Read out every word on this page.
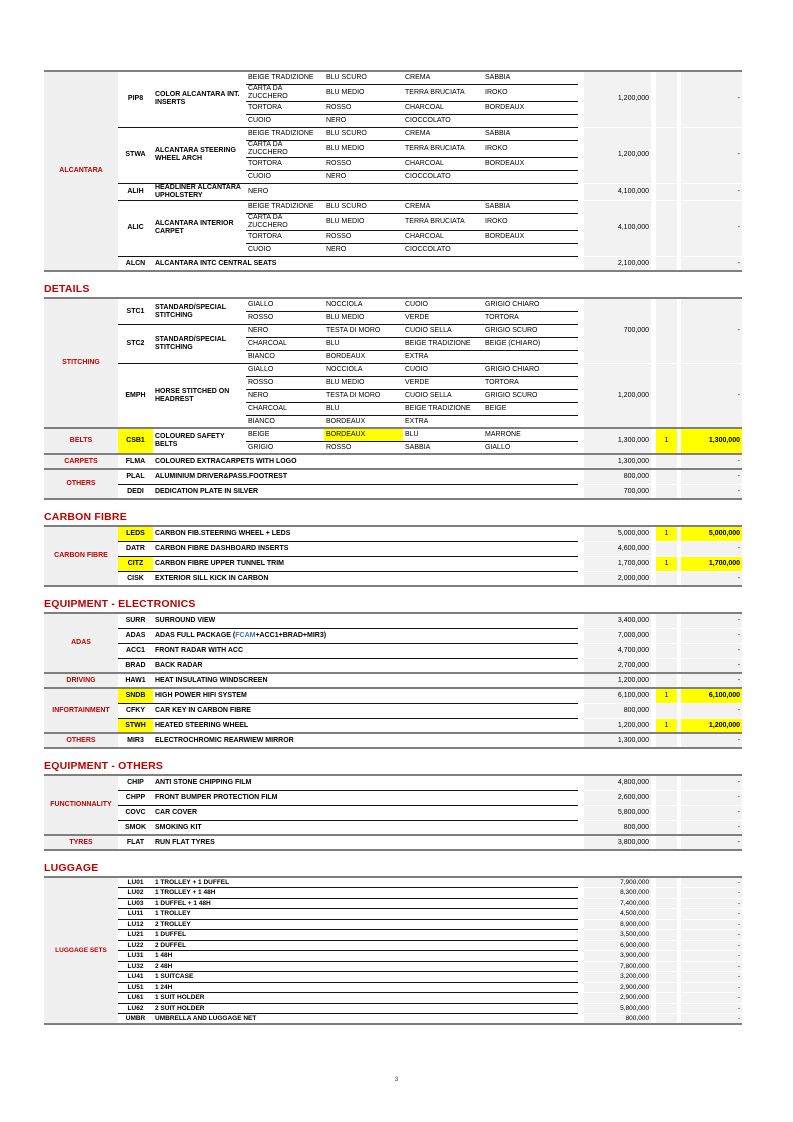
ALCANTARA	PIP8	COLOR ALCANTARA INT. INSERTS	BEIGE TRADIZIONE	BLU SCURO	CREMA	SABBIA		1,200,000				-
			CARTA DA ZUCCHERO	BLU MEDIO	TERRA BRUCIATA	IROKO						
			TORTORA	ROSSO	CHARCOAL	BORDEAUX						
			CUOIO	NERO	CIOCCOLATO							
	STWA	ALCANTARA STEERING WHEEL ARCH	BEIGE TRADIZIONE	BLU SCURO	CREMA	SABBIA		1,200,000				-
			CARTA DA ZUCCHERO	BLU MEDIO	TERRA BRUCIATA	IROKO						
			TORTORA	ROSSO	CHARCOAL	BORDEAUX						
			CUOIO	NERO	CIOCCOLATO							
	ALIH	HEADLINER ALCANTARA UPHOLSTERY	NERO					4,100,000				-
	ALIC	ALCANTARA INTERIOR CARPET	BEIGE TRADIZIONE	BLU SCURO	CREMA	SABBIA		4,100,000				-
			CARTA DA ZUCCHERO	BLU MEDIO	TERRA BRUCIATA	IROKO						
			TORTORA	ROSSO	CHARCOAL	BORDEAUX						
			CUOIO	NERO	CIOCCOLATO							
	ALCN	ALCANTARA INTC CENTRAL SEATS						2,100,000				-
DETAILS
STITCHING	STC1	STANDARD/SPECIAL STITCHING	GIALLO	NOCCIOLA	CUOIO	GRIGIO CHIARO		700,000				-
			ROSSO	BLU MEDIO	VERDE	TORTORA						
	STC2	STANDARD/SPECIAL STITCHING	NERO	TESTA DI MORO	CUOIO SELLA	GRIGIO SCURO						
			CHARCOAL	BLU	BEIGE TRADIZIONE	BEIGE (CHIARO)						
			BIANCO	BORDEAUX	EXTRA							
	EMPH	HORSE STITCHED ON HEADREST	GIALLO	NOCCIOLA	CUOIO	GRIGIO CHIARO		1,200,000				-
			ROSSO	BLU MEDIO	VERDE	TORTORA						
			NERO	TESTA DI MORO	CUOIO SELLA	GRIGIO SCURO						
			CHARCOAL	BLU	BEIGE TRADIZIONE	BEIGE						
			BIANCO	BORDEAUX	EXTRA							
BELTS	CSB1	COLOURED SAFETY BELTS	BEIGE	BORDEAUX	BLU	MARRONE		1,300,000		1		1,300,000
			GRIGIO	ROSSO	SABBIA	GIALLO						
CARPETS	FLMA	COLOURED EXTRACARPETS WITH LOGO						1,300,000				-
OTHERS	PLAL	ALUMINIUM DRIVER&PASS.FOOTREST						800,000				-
	DEDI	DEDICATION PLATE IN SILVER						700,000				-
CARBON FIBRE
CARBON FIBRE	LEDS	CARBON FIB.STEERING WHEEL + LEDS		5,000,000		1		5,000,000
	DATR	CARBON FIBRE DASHBOARD INSERTS		4,600,000				-
	CITZ	CARBON FIBRE UPPER TUNNEL TRIM		1,700,000		1		1,700,000
	CISK	EXTERIOR SILL KICK IN CARBON		2,000,000				-
EQUIPMENT - ELECTRONICS
ADAS	SURR	SURROUND VIEW		3,400,000				-
	ADAS	ADAS FULL PACKAGE (FCAM+ACC1+BRAD+MIR3)		7,000,000				-
	ACC1	FRONT RADAR WITH ACC		4,700,000				-
	BRAD	BACK RADAR		2,700,000				-
DRIVING	HAW1	HEAT INSULATING WINDSCREEN		1,200,000				-
INFORTAINMENT	SNDB	HIGH POWER HIFI SYSTEM		6,100,000		1		6,100,000
	CFKY	CAR KEY IN CARBON FIBRE		800,000				-
	STWH	HEATED STEERING WHEEL		1,200,000		1		1,200,000
OTHERS	MIR3	ELECTROCHROMIC REARWIEW MIRROR		1,300,000				-
EQUIPMENT - OTHERS
FUNCTIONNALITY	CHIP	ANTI STONE CHIPPING FILM		4,800,000				-
	CHPP	FRONT BUMPER PROTECTION FILM		2,600,000				-
	COVC	CAR COVER		5,800,000				-
	SMOK	SMOKING KIT		800,000				-
TYRES	FLAT	RUN FLAT TYRES		3,800,000				-
LUGGAGE
LUGGAGE SETS	LU01	1 TROLLEY + 1 DUFFEL		7,900,000				-
	LU02	1 TROLLEY + 1 48H		8,300,000				-
	LU03	1 DUFFEL + 1 48H		7,400,000				-
	LU11	1 TROLLEY		4,500,000				-
	LU12	2 TROLLEY		8,900,000				-
	LU21	1 DUFFEL		3,500,000				-
	LU22	2 DUFFEL		6,900,000				-
	LU31	1 48H		3,900,000				-
	LU32	2 48H		7,800,000				-
	LU41	1 SUITCASE		3,200,000				-
	LU51	1 24H		2,900,000				-
	LU61	1 SUIT HOLDER		2,900,000				-
	LU62	2 SUIT HOLDER		5,800,000				-
	UMBR	UMBRELLA AND LUGGAGE NET		800,000				-
3
